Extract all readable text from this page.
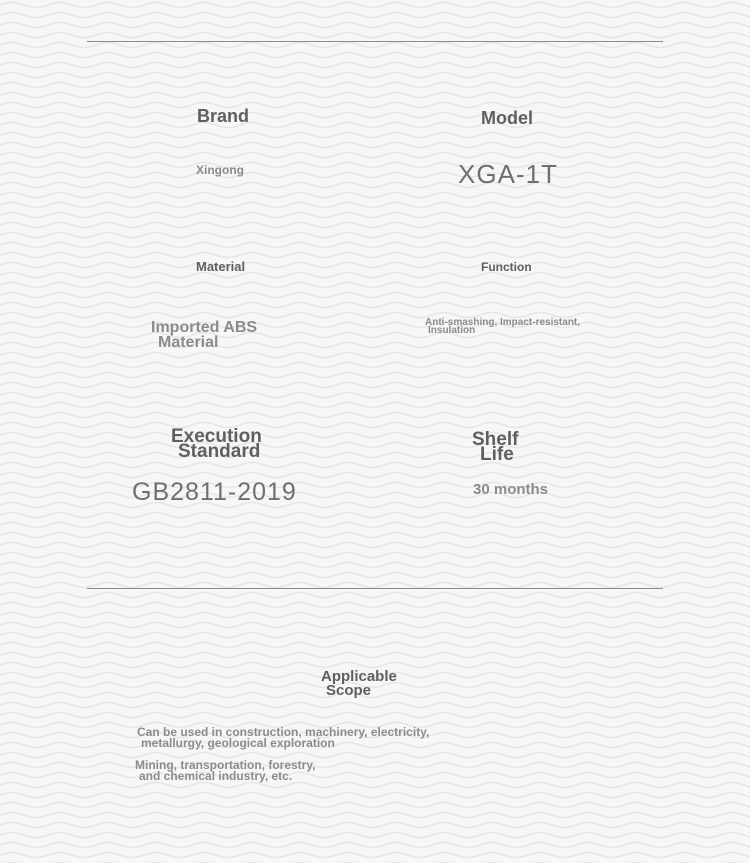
Brand
Xingong
Model
XGA-1T
Material
Imported ABS
Material
Function
Anti-smashing, Impact-resistant,
Insulation
Execution
Standard
GB2811-2019
Shelf
Life
30 months
Applicable
Scope
Can be used in construction, machinery, electricity,
metallurgy, geological exploration
Mining, transportation, forestry,
and chemical industry, etc.
